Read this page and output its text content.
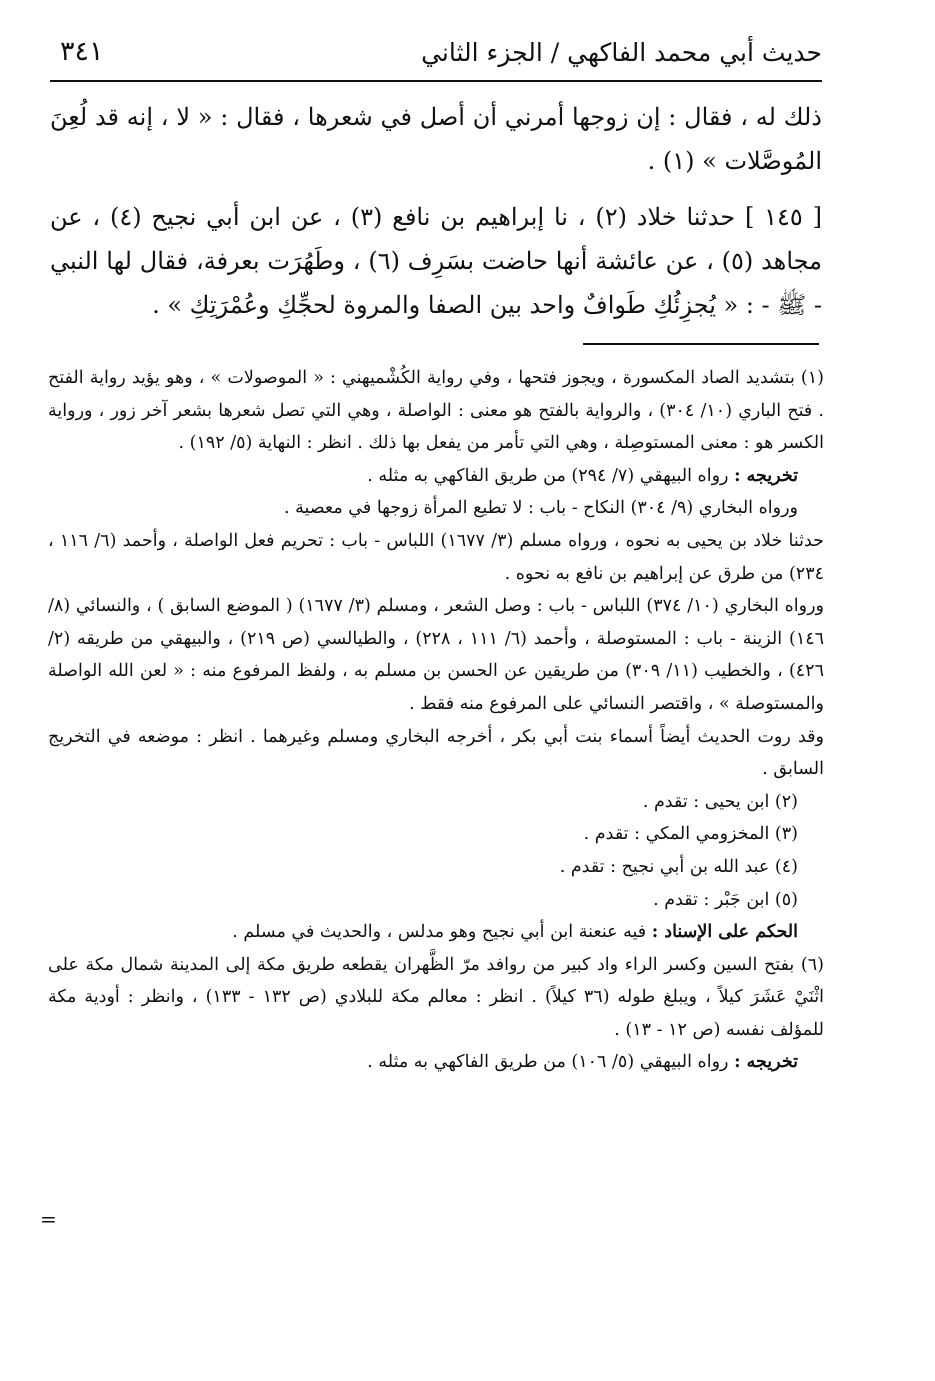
حديث أبي محمد الفاكهي / الجزء الثاني
٣٤١

ذلك له ، فقال : إن زوجها أمرني أن أصل في شعرها ، فقال : « لا ، إنه قد لُعِنَ المُوصَّلات » (١) .

[ ١٤٥ ] حدثنا خلاد (٢) ، نا إبراهيم بن نافع (٣) ، عن ابن أبي نجيح (٤) ، عن مجاهد (٥) ، عن عائشة أنها حاضت بسَرِف (٦) ، وطَهُرَت بعرفة، فقال لها النبي - ﷺ - : « يُجزِئُكِ طَوافٌ واحد بين الصفا والمروة لحجِّكِ وعُمْرَتِكِ » .

(١) بتشديد الصاد المكسورة ، ويجوز فتحها ، وفي رواية الكُشْميهني : « الموصولات » ، وهو يؤيد رواية الفتح . فتح الباري (١٠/ ٣٠٤) ، والرواية بالفتح هو معنى : الواصلة ، وهي التي تصل شعرها بشعر آخر زور ، ورواية الكسر هو : معنى المستوصِلة ، وهي التي تأمر من يفعل بها ذلك . انظر : النهاية (٥/ ١٩٢) .

تخريجه : رواه البيهقي (٧/ ٢٩٤) من طريق الفاكهي به مثله .

ورواه البخاري (٩/ ٣٠٤) النكاح - باب : لا تطيع المرأة زوجها في معصية .

حدثنا خلاد بن يحيى به نحوه ، ورواه مسلم (٣/ ١٦٧٧) اللباس - باب : تحريم فعل الواصلة ، وأحمد (٦/ ١١٦ ، ٢٣٤) من طرق عن إبراهيم بن نافع به نحوه .

ورواه البخاري (١٠/ ٣٧٤) اللباس - باب : وصل الشعر ، ومسلم (٣/ ١٦٧٧) ( الموضع السابق ) ، والنسائي (٨/ ١٤٦) الزينة - باب : المستوصلة ، وأحمد (٦/ ١١١ ، ٢٢٨) ، والطيالسي (ص ٢١٩) ، والبيهقي من طريقه (٢/ ٤٢٦) ، والخطيب (١١/ ٣٠٩) من طريقين عن الحسن بن مسلم به ، ولفظ المرفوع منه : « لعن الله الواصلة والمستوصلة » ، واقتصر النسائي على المرفوع منه فقط .

وقد روت الحديث أيضاً أسماء بنت أبي بكر ، أخرجه البخاري ومسلم وغيرهما . انظر : موضعه في التخريج السابق .

(٢) ابن يحيى : تقدم .

(٣) المخزومي المكي : تقدم .

(٤) عبد الله بن أبي نجيح : تقدم .

(٥) ابن جَبْر : تقدم .

الحكم على الإسناد : فيه عنعنة ابن أبي نجيح وهو مدلس ، والحديث في مسلم .

(٦) بفتح السين وكسر الراء واد كبير من روافد مرّ الظَّهران يقطعه طريق مكة إلى المدينة شمال مكة على اثْنَيْ عَشَرَ كيلاً ، ويبلغ طوله (٣٦ كيلاً) . انظر : معالم مكة للبلادي (ص ١٣٢ - ١٣٣) ، وانظر : أودية مكة للمؤلف نفسه (ص ١٢ - ١٣) .

تخريجه : رواه البيهقي (٥/ ١٠٦) من طريق الفاكهي به مثله .

=
